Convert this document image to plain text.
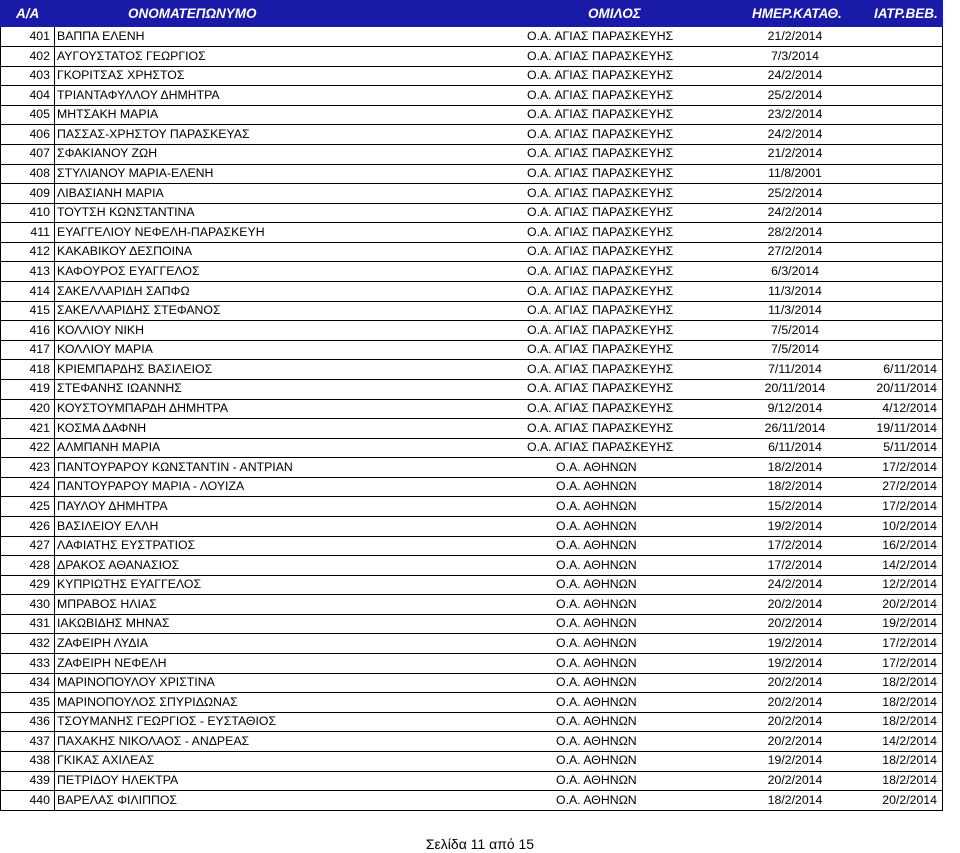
Α/Α	ΟΝΟΜΑΤΕΠΩΝΥΜΟ	ΟΜΙΛΟΣ	ΗΜΕΡ.ΚΑΤΑΘ. ΙΑΤΡ.ΒΕΒ.
401 ΒΑΠΠΑ ΕΛΕΝΗ	Ο.Α. ΑΓΙΑΣ ΠΑΡΑΣΚΕΥΗΣ	21/2/2014
402 ΑΥΓΟΥΣΤΑΤΟΣ ΓΕΩΡΓΙΟΣ	Ο.Α. ΑΓΙΑΣ ΠΑΡΑΣΚΕΥΗΣ	7/3/2014
403 ΓΚΟΡΙΤΣΑΣ ΧΡΗΣΤΟΣ	Ο.Α. ΑΓΙΑΣ ΠΑΡΑΣΚΕΥΗΣ	24/2/2014
404 ΤΡΙΑΝΤΑΦΥΛΛΟΥ ΔΗΜΗΤΡΑ	Ο.Α. ΑΓΙΑΣ ΠΑΡΑΣΚΕΥΗΣ	25/2/2014
405 ΜΗΤΣΑΚΗ ΜΑΡΙΑ	Ο.Α. ΑΓΙΑΣ ΠΑΡΑΣΚΕΥΗΣ	23/2/2014
406 ΠΑΣΣΑΣ-ΧΡΗΣΤΟΥ ΠΑΡΑΣΚΕΥΑΣ	Ο.Α. ΑΓΙΑΣ ΠΑΡΑΣΚΕΥΗΣ	24/2/2014
407 ΣΦΑΚΙΑΝΟΥ ΖΩΗ	Ο.Α. ΑΓΙΑΣ ΠΑΡΑΣΚΕΥΗΣ	21/2/2014
408 ΣΤΥΛΙΑΝΟΥ ΜΑΡΙΑ-ΕΛΕΝΗ	Ο.Α. ΑΓΙΑΣ ΠΑΡΑΣΚΕΥΗΣ	11/8/2001
409 ΛΙΒΑΣΙΑΝΗ ΜΑΡΙΑ	Ο.Α. ΑΓΙΑΣ ΠΑΡΑΣΚΕΥΗΣ	25/2/2014
410 ΤΟΥΤΣΗ ΚΩΝΣΤΑΝΤΙΝΑ	Ο.Α. ΑΓΙΑΣ ΠΑΡΑΣΚΕΥΗΣ	24/2/2014
411 ΕΥΑΓΓΕΛΙΟΥ ΝΕΦΕΛΗ-ΠΑΡΑΣΚΕΥΗ	Ο.Α. ΑΓΙΑΣ ΠΑΡΑΣΚΕΥΗΣ	28/2/2014
412 ΚΑΚΑΒΙΚΟΥ ΔΕΣΠΟΙΝΑ	Ο.Α. ΑΓΙΑΣ ΠΑΡΑΣΚΕΥΗΣ	27/2/2014
413 ΚΑΦΟΥΡΟΣ ΕΥΑΓΓΕΛΟΣ	Ο.Α. ΑΓΙΑΣ ΠΑΡΑΣΚΕΥΗΣ	6/3/2014
414 ΣΑΚΕΛΛΑΡΙΔΗ ΣΑΠΦΩ	Ο.Α. ΑΓΙΑΣ ΠΑΡΑΣΚΕΥΗΣ	11/3/2014
415 ΣΑΚΕΛΛΑΡΙΔΗΣ ΣΤΕΦΑΝΟΣ	Ο.Α. ΑΓΙΑΣ ΠΑΡΑΣΚΕΥΗΣ	11/3/2014
416 ΚΟΛΛΙΟΥ ΝΙΚΗ	Ο.Α. ΑΓΙΑΣ ΠΑΡΑΣΚΕΥΗΣ	7/5/2014
417 ΚΟΛΛΙΟΥ ΜΑΡΙΑ	Ο.Α. ΑΓΙΑΣ ΠΑΡΑΣΚΕΥΗΣ	7/5/2014
418 ΚΡΙΕΜΠΑΡΔΗΣ ΒΑΣΙΛΕΙΟΣ	Ο.Α. ΑΓΙΑΣ ΠΑΡΑΣΚΕΥΗΣ	7/11/2014	6/11/2014
419 ΣΤΕΦΑΝΗΣ ΙΩΑΝΝΗΣ	Ο.Α. ΑΓΙΑΣ ΠΑΡΑΣΚΕΥΗΣ	20/11/2014	20/11/2014
420 ΚΟΥΣΤΟΥΜΠΑΡΔΗ ΔΗΜΗΤΡΑ	Ο.Α. ΑΓΙΑΣ ΠΑΡΑΣΚΕΥΗΣ	9/12/2014	4/12/2014
421 ΚΟΣΜΑ ΔΑΦΝΗ	Ο.Α. ΑΓΙΑΣ ΠΑΡΑΣΚΕΥΗΣ	26/11/2014	19/11/2014
422 ΑΛΜΠΑΝΗ ΜΑΡΙΑ	Ο.Α. ΑΓΙΑΣ ΠΑΡΑΣΚΕΥΗΣ	6/11/2014	5/11/2014
423 ΠΑΝΤΟΥΡΑΡΟΥ ΚΩΝΣΤΑΝΤΙΝ - ΑΝΤΡΙΑΝ	Ο.Α. ΑΘΗΝΩΝ	18/2/2014	17/2/2014
424 ΠΑΝΤΟΥΡΑΡΟΥ ΜΑΡΙΑ - ΛΟΥΙΖΑ	Ο.Α. ΑΘΗΝΩΝ	18/2/2014	27/2/2014
425 ΠΑΥΛΟΥ ΔΗΜΗΤΡΑ	Ο.Α. ΑΘΗΝΩΝ	15/2/2014	17/2/2014
426 ΒΑΣΙΛΕΙΟΥ ΕΛΛΗ	Ο.Α. ΑΘΗΝΩΝ	19/2/2014	10/2/2014
427 ΛΑΦΙΑΤΗΣ ΕΥΣΤΡΑΤΙΟΣ	Ο.Α. ΑΘΗΝΩΝ	17/2/2014	16/2/2014
428 ΔΡΑΚΟΣ ΑΘΑΝΑΣΙΟΣ	Ο.Α. ΑΘΗΝΩΝ	17/2/2014	14/2/2014
429 ΚΥΠΡΙΩΤΗΣ ΕΥΑΓΓΕΛΟΣ	Ο.Α. ΑΘΗΝΩΝ	24/2/2014	12/2/2014
430 ΜΠΡΑΒΟΣ ΗΛΙΑΣ	Ο.Α. ΑΘΗΝΩΝ	20/2/2014	20/2/2014
431 ΙΑΚΩΒΙΔΗΣ ΜΗΝΑΣ	Ο.Α. ΑΘΗΝΩΝ	20/2/2014	19/2/2014
432 ΖΑΦΕΙΡΗ ΛΥΔΙΑ	Ο.Α. ΑΘΗΝΩΝ	19/2/2014	17/2/2014
433 ΖΑΦΕΙΡΗ ΝΕΦΕΛΗ	Ο.Α. ΑΘΗΝΩΝ	19/2/2014	17/2/2014
434 ΜΑΡΙΝΟΠΟΥΛΟΥ ΧΡΙΣΤΙΝΑ	Ο.Α. ΑΘΗΝΩΝ	20/2/2014	18/2/2014
435 ΜΑΡΙΝΟΠΟΥΛΟΣ ΣΠΥΡΙΔΩΝΑΣ	Ο.Α. ΑΘΗΝΩΝ	20/2/2014	18/2/2014
436 ΤΣΟΥΜΑΝΗΣ ΓΕΩΡΓΙΟΣ - ΕΥΣΤΑΘΙΟΣ	Ο.Α. ΑΘΗΝΩΝ	20/2/2014	18/2/2014
437 ΠΑΧΑΚΗΣ ΝΙΚΟΛΑΟΣ - ΑΝΔΡΕΑΣ	Ο.Α. ΑΘΗΝΩΝ	20/2/2014	14/2/2014
438 ΓΚΙΚΑΣ ΑΧΙΛΕΑΣ	Ο.Α. ΑΘΗΝΩΝ	19/2/2014	18/2/2014
439 ΠΕΤΡΙΔΟΥ ΗΛΕΚΤΡΑ	Ο.Α. ΑΘΗΝΩΝ	20/2/2014	18/2/2014
440 ΒΑΡΕΛΑΣ ΦΙΛΙΠΠΟΣ	Ο.Α. ΑΘΗΝΩΝ	18/2/2014	20/2/2014
Σελίδα 11 από 15
